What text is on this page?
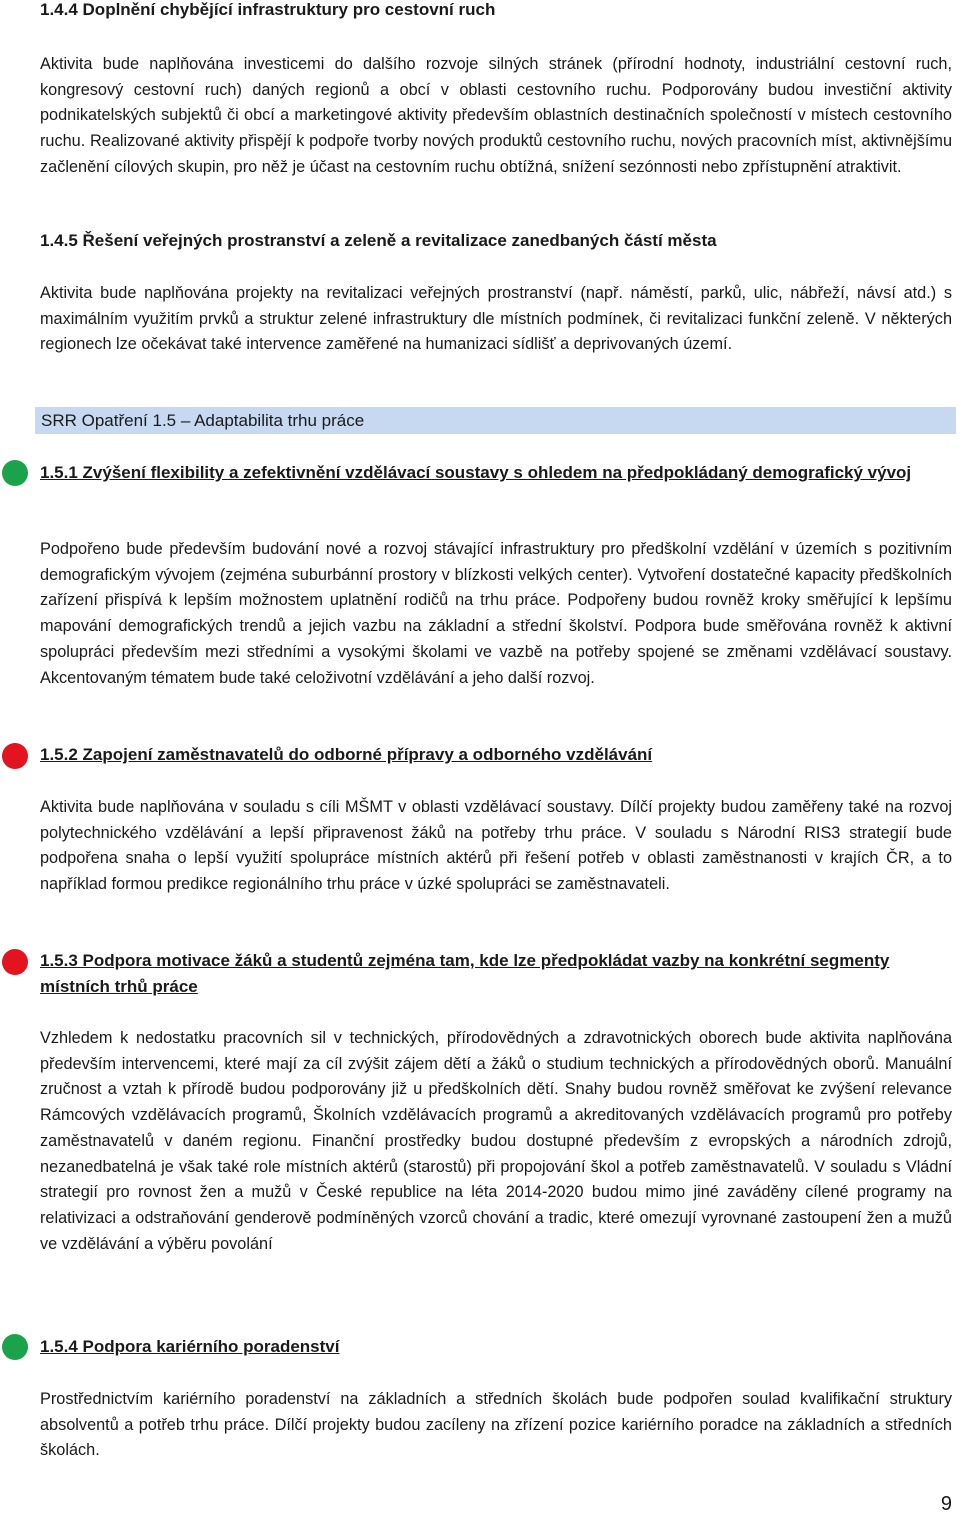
1.4.4 Doplnění chybějící infrastruktury pro cestovní ruch

Aktivita bude naplňována investicemi do dalšího rozvoje silných stránek (přírodní hodnoty, industriální cestovní ruch, kongresový cestovní ruch) daných regionů a obcí v oblasti cestovního ruchu. Podporovány budou investiční aktivity podnikatelských subjektů či obcí a marketingové aktivity především oblastních destinačních společností v místech cestovního ruchu. Realizované aktivity přispějí k podpoře tvorby nových produktů cestovního ruchu, nových pracovních míst, aktivnějšímu začlenění cílových skupin, pro něž je účast na cestovním ruchu obtížná, snížení sezónnosti nebo zpřístupnění atraktivit.

1.4.5 Řešení veřejných prostranství a zeleně a revitalizace zanedbaných částí města

Aktivita bude naplňována projekty na revitalizaci veřejných prostranství (např. náměstí, parků, ulic, nábřeží, návsí atd.) s maximálním využitím prvků a struktur zelené infrastruktury dle místních podmínek, či revitalizaci funkční zeleně. V některých regionech lze očekávat také intervence zaměřené na humanizaci sídlišť a deprivovaných území.

SRR Opatření 1.5 – Adaptabilita trhu práce
1.5.1 Zvýšení flexibility a zefektivnění vzdělávací soustavy s ohledem na předpokládaný demografický vývoj

Podpořeno bude především budování nové a rozvoj stávající infrastruktury pro předškolní vzdělání v územích s pozitivním demografickým vývojem (zejména suburbánní prostory v blízkosti velkých center). Vytvoření dostatečné kapacity předškolních zařízení přispívá k lepším možnostem uplatnění rodičů na trhu práce. Podpořeny budou rovněž kroky směřující k lepšímu mapování demografických trendů a jejich vazbu na základní a střední školství. Podpora bude směřována rovněž k aktivní spolupráci především mezi středními a vysokými školami ve vazbě na potřeby spojené se změnami vzdělávací soustavy. Akcentovaným tématem bude také celoživotní vzdělávání a jeho další rozvoj.

1.5.2 Zapojení zaměstnavatelů do odborné přípravy a odborného vzdělávání

Aktivita bude naplňována v souladu s cíli MŠMT v oblasti vzdělávací soustavy. Dílčí projekty budou zaměřeny také na rozvoj polytechnického vzdělávání a lepší připravenost žáků na potřeby trhu práce. V souladu s Národní RIS3 strategií bude podpořena snaha o lepší využití spolupráce místních aktérů při řešení potřeb v oblasti zaměstnanosti v krajích ČR, a to například formou predikce regionálního trhu práce v úzké spolupráci se zaměstnavateli.

1.5.3 Podpora motivace žáků a studentů zejména tam, kde lze předpokládat vazby na konkrétní segmenty místních trhů práce

Vzhledem k nedostatku pracovních sil v technických, přírodovědných a zdravotnických oborech bude aktivita naplňována především intervencemi, které mají za cíl zvýšit zájem dětí a žáků o studium technických a přírodovědných oborů. Manuální zručnost a vztah k přírodě budou podporovány již u předškolních dětí. Snahy budou rovněž směřovat ke zvýšení relevance Rámcových vzdělávacích programů, Školních vzdělávacích programů a akreditovaných vzdělávacích programů pro potřeby zaměstnavatelů v daném regionu. Finanční prostředky budou dostupné především z evropských a národních zdrojů, nezanedbatelná je však také role místních aktérů (starostů) při propojování škol a potřeb zaměstnavatelů. V souladu s Vládní strategií pro rovnost žen a mužů v České republice na léta 2014-2020 budou mimo jiné zaváděny cílené programy na relativizaci a odstraňování genderově podmíněných vzorců chování a tradic, které omezují vyrovnané zastoupení žen a mužů ve vzdělávání a výběru povolání

1.5.4 Podpora kariérního poradenství

Prostřednictvím kariérního poradenství na základních a středních školách bude podpořen soulad kvalifikační struktury absolventů a potřeb trhu práce. Dílčí projekty budou zacíleny na zřízení pozice kariérního poradce na základních a středních školách.

9
